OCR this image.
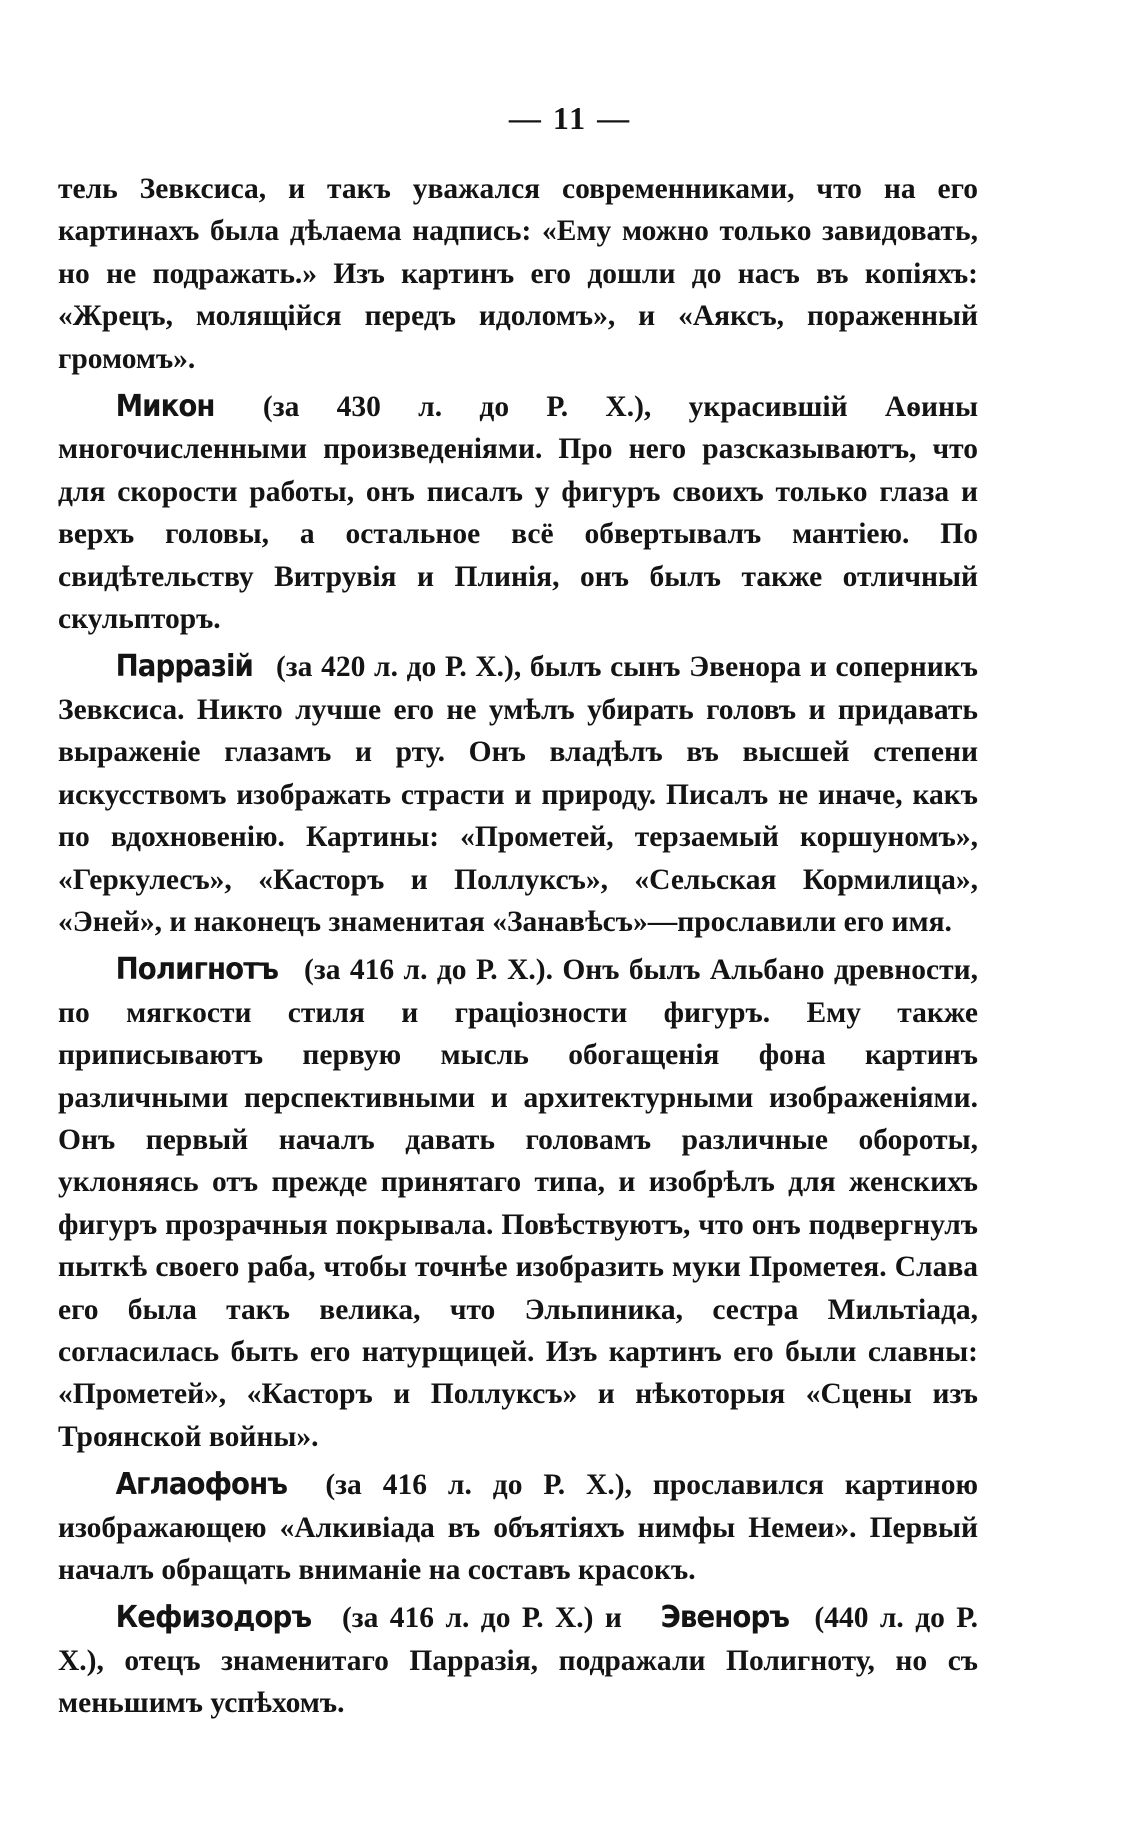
— 11 —

тель Зевксиса, и такъ уважался современниками, что на его картинахъ была дѣлаема надпись: «Ему можно только завидовать, но не подражать.» Изъ картинъ его дошли до насъ въ копіяхъ: «Жрецъ, молящійся передъ идоломъ», и «Аяксъ, пораженный громомъ».

Микон (за 430 л. до Р. Х.), украсившій Аѳины многочисленными произведеніями. Про него разсказываютъ, что для скорости работы, онъ писалъ у фигуръ своихъ только глаза и верхъ головы, а остальное всё обвертывалъ мантіею. По свидѣтельству Витрувія и Плинія, онъ былъ также отличный скульпторъ.

Парразій (за 420 л. до Р. Х.), былъ сынъ Эвенора и соперникъ Зевксиса. Никто лучше его не умѣлъ убирать головъ и придавать выраженіе глазамъ и рту. Онъ владѣлъ въ высшей степени искусствомъ изображать страсти и природу. Писалъ не иначе, какъ по вдохновенію. Картины: «Прометей, терзаемый коршуномъ», «Геркулесъ», «Касторъ и Поллуксъ», «Сельская Кормилица», «Эней», и наконецъ знаменитая «Занавѣсъ»—прославили его имя.

Полигнотъ (за 416 л. до Р. Х.). Онъ былъ Альбано древности, по мягкости стиля и граціозности фигуръ. Ему также приписываютъ первую мысль обогащенія фона картинъ различными перспективными и архитектурными изображеніями. Онъ первый началъ давать головамъ различные обороты, уклоняясь отъ прежде принятаго типа, и изобрѣлъ для женскихъ фигуръ прозрачныя покрывала. Повѣствуютъ, что онъ подвергнулъ пыткѣ своего раба, чтобы точнѣе изобразить муки Прометея. Слава его была такъ велика, что Эльпиника, сестра Мильтіада, согласилась быть его натурщицей. Изъ картинъ его были славны: «Прометей», «Касторъ и Поллуксъ» и нѣкоторыя «Сцены изъ Троянской войны».

Аглаофонъ (за 416 л. до Р. Х.), прославился картиною изображающею «Алкивіада въ объятіяхъ нимфы Немеи». Первый началъ обращать вниманіе на составъ красокъ.

Кефизодоръ (за 416 л. до Р. Х.) и Эвеноръ (440 л. до Р. Х.), отецъ знаменитаго Парразія, подражали Полигноту, но съ меньшимъ успѣхомъ.
